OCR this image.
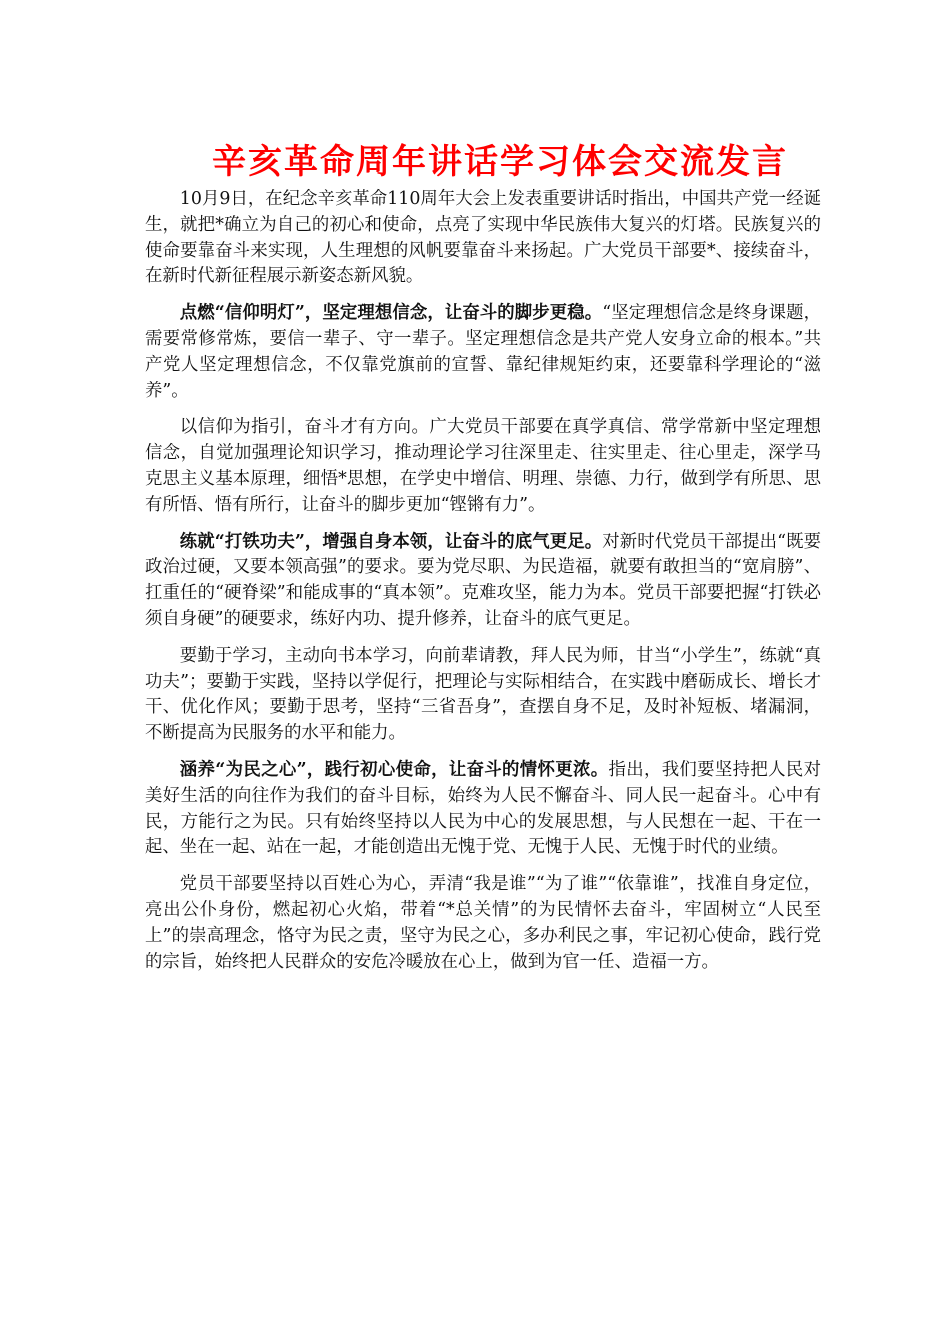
辛亥革命周年讲话学习体会交流发言

10月9日，在纪念辛亥革命110周年大会上发表重要讲话时指出，中国共产党一经诞生，就把*确立为自己的初心和使命，点亮了实现中华民族伟大复兴的灯塔。民族复兴的使命要靠奋斗来实现，人生理想的风帆要靠奋斗来扬起。广大党员干部要*、接续奋斗，在新时代新征程展示新姿态新风貌。

点燃“信仰明灯”，坚定理想信念，让奋斗的脚步更稳。“坚定理想信念是终身课题，需要常修常炼，要信一辈子、守一辈子。坚定理想信念是共产党人安身立命的根本。”共产党人坚定理想信念，不仅靠党旗前的宣誓、靠纪律规矩约束，还要靠科学理论的“滋养”。

以信仰为指引，奋斗才有方向。广大党员干部要在真学真信、常学常新中坚定理想信念，自觉加强理论知识学习，推动理论学习往深里走、往实里走、往心里走，深学马克思主义基本原理，细悟*思想，在学史中增信、明理、崇德、力行，做到学有所思、思有所悟、悟有所行，让奋斗的脚步更加“铿锵有力”。

练就“打铁功夫”，增强自身本领，让奋斗的底气更足。对新时代党员干部提出“既要政治过硬，又要本领高强”的要求。要为党尽职、为民造福，就要有敢担当的“宽肩膀”、扛重任的“硬脊梁”和能成事的“真本领”。克难攻坚，能力为本。党员干部要把握“打铁必须自身硬”的硬要求，练好内功、提升修养，让奋斗的底气更足。

要勤于学习，主动向书本学习，向前辈请教，拜人民为师，甘当“小学生”，练就“真功夫”；要勤于实践，坚持以学促行，把理论与实际相结合，在实践中磨砺成长、增长才干、优化作风；要勤于思考，坚持“三省吾身”，查摆自身不足，及时补短板、堵漏洞，不断提高为民服务的水平和能力。

涵养“为民之心”，践行初心使命，让奋斗的情怀更浓。指出，我们要坚持把人民对美好生活的向往作为我们的奋斗目标，始终为人民不懈奋斗、同人民一起奋斗。心中有民，方能行之为民。只有始终坚持以人民为中心的发展思想，与人民想在一起、干在一起、坐在一起、站在一起，才能创造出无愧于党、无愧于人民、无愧于时代的业绩。

党员干部要坚持以百姓心为心，弄清“我是谁”“为了谁”“依靠谁”，找准自身定位，亮出公仆身份，燃起初心火焰，带着“*总关情”的为民情怀去奋斗，牢固树立“人民至上”的崇高理念，恪守为民之责，坚守为民之心，多办利民之事，牢记初心使命，践行党的宗旨，始终把人民群众的安危冷暖放在心上，做到为官一任、造福一方。
